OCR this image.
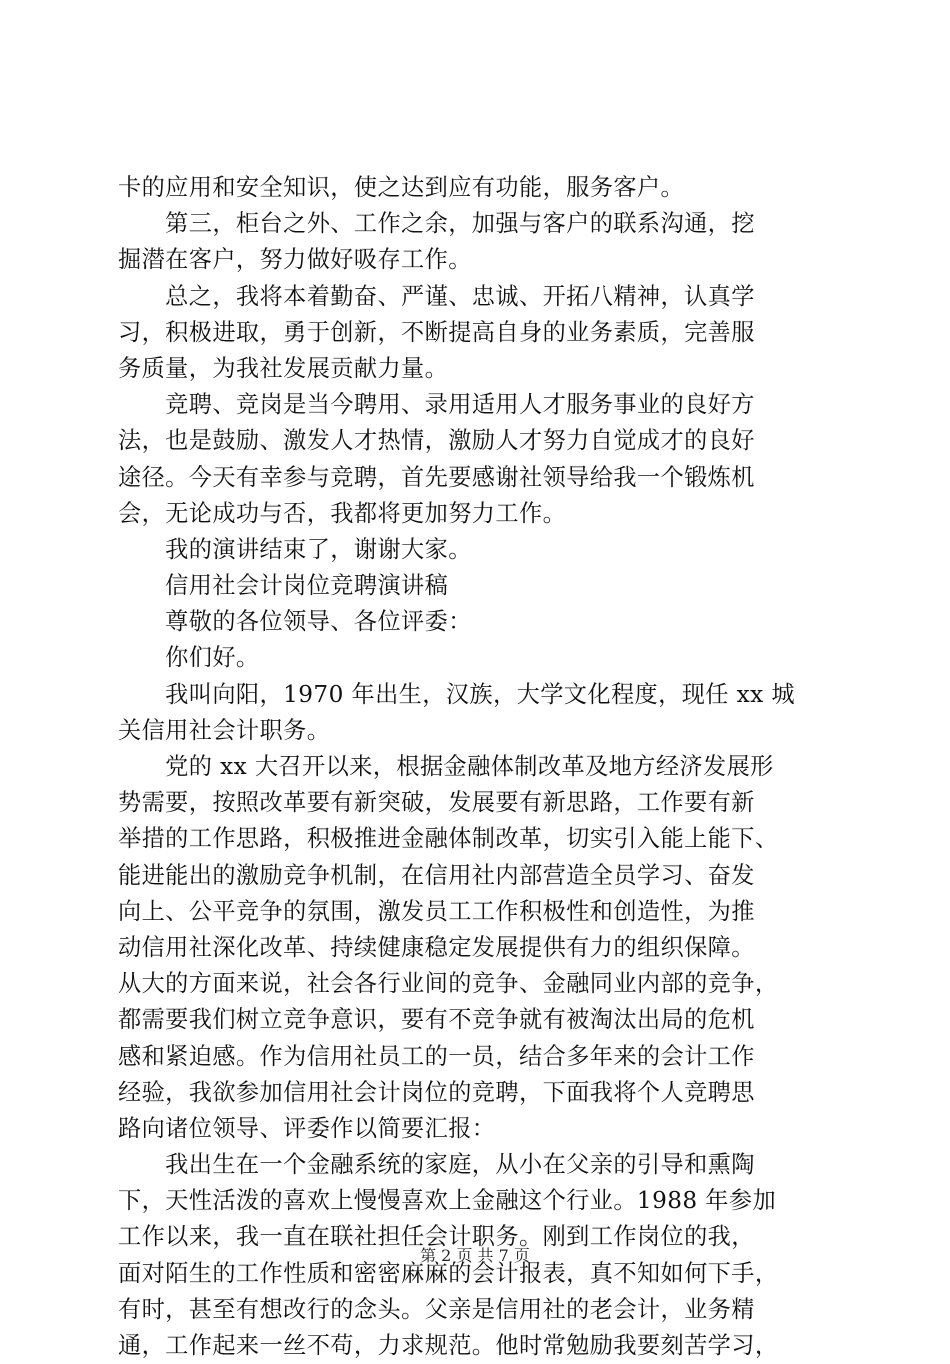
卡的应用和安全知识，使之达到应有功能，服务客户。
　　第三，柜台之外、工作之余，加强与客户的联系沟通，挖
掘潜在客户，努力做好吸存工作。
　　总之，我将本着勤奋、严谨、忠诚、开拓八精神，认真学
习，积极进取，勇于创新，不断提高自身的业务素质，完善服
务质量，为我社发展贡献力量。
　　竞聘、竞岗是当今聘用、录用适用人才服务事业的良好方
法，也是鼓励、激发人才热情，激励人才努力自觉成才的良好
途径。今天有幸参与竞聘，首先要感谢社领导给我一个锻炼机
会，无论成功与否，我都将更加努力工作。
　　我的演讲结束了，谢谢大家。
　　信用社会计岗位竞聘演讲稿
　　尊敬的各位领导、各位评委：
　　你们好。
　　我叫向阳，1970 年出生，汉族，大学文化程度，现任 xx 城
关信用社会计职务。
　　党的 xx 大召开以来，根据金融体制改革及地方经济发展形
势需要，按照改革要有新突破，发展要有新思路，工作要有新
举措的工作思路，积极推进金融体制改革，切实引入能上能下、
能进能出的激励竞争机制，在信用社内部营造全员学习、奋发
向上、公平竞争的氛围，激发员工工作积极性和创造性，为推
动信用社深化改革、持续健康稳定发展提供有力的组织保障。
从大的方面来说，社会各行业间的竞争、金融同业内部的竞争，
都需要我们树立竞争意识，要有不竞争就有被淘汰出局的危机
感和紧迫感。作为信用社员工的一员，结合多年来的会计工作
经验，我欲参加信用社会计岗位的竞聘，下面我将个人竞聘思
路向诸位领导、评委作以简要汇报：
　　我出生在一个金融系统的家庭，从小在父亲的引导和熏陶
下，天性活泼的喜欢上慢慢喜欢上金融这个行业。1988 年参加
工作以来，我一直在联社担任会计职务。刚到工作岗位的我，
面对陌生的工作性质和密密麻麻的会计报表，真不知如何下手，
有时，甚至有想改行的念头。父亲是信用社的老会计，业务精
通，工作起来一丝不苟，力求规范。他时常勉励我要刻苦学习，
第 2 页 共 7 页
